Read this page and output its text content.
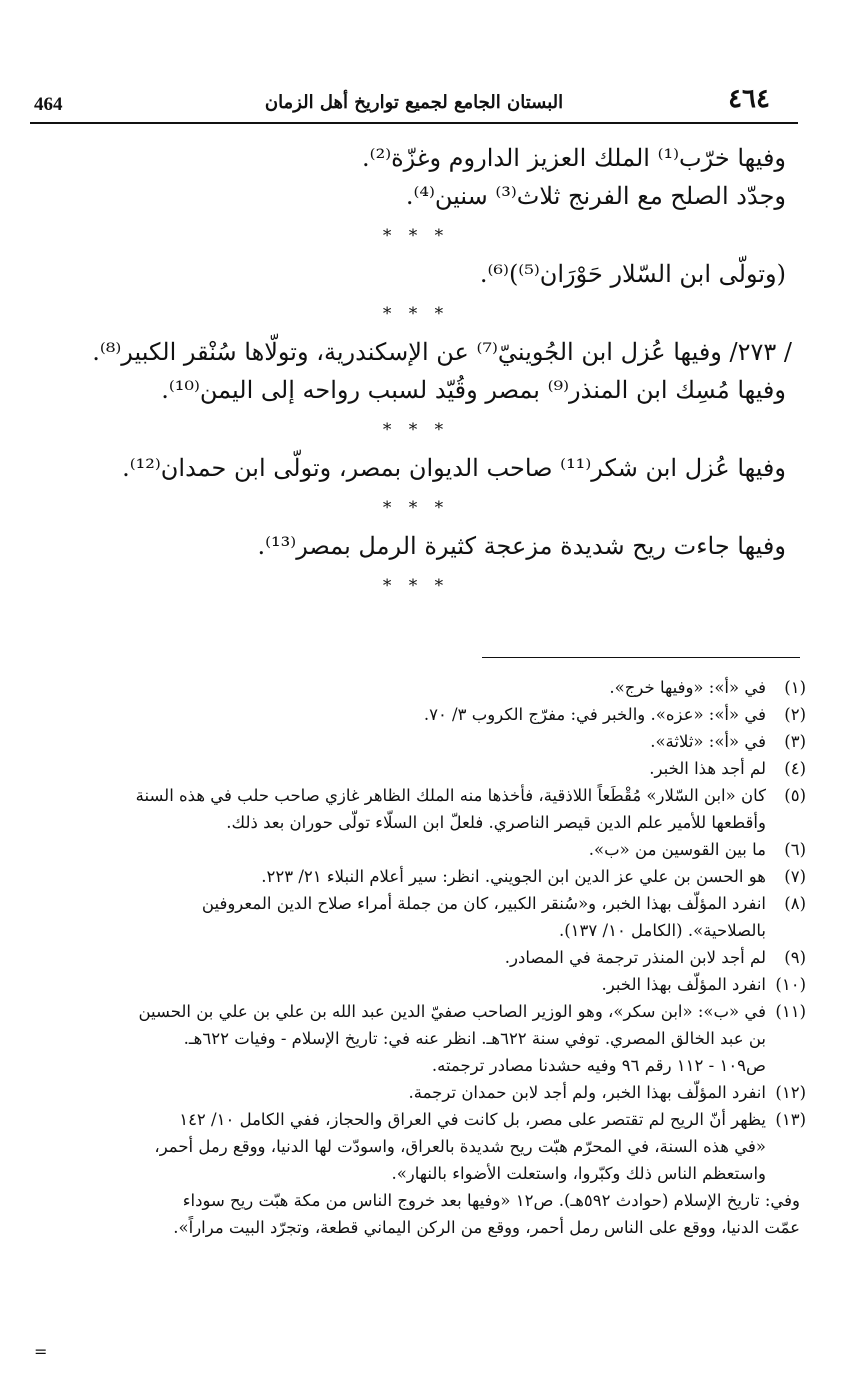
464	البستان الجامع لجميع تواريخ أهل الزمان	٤٦٤

وفيها خرّب⁽¹⁾ الملك العزيز الداروم وغزّة⁽²⁾.

وجدّد الصلح مع الفرنج ثلاث⁽³⁾ سنين⁽⁴⁾.

* * *

(وتولّى ابن السّلار حَوْرَان⁽⁵⁾)⁽⁶⁾.

* * *

/ ٢٧٣/ وفيها عُزل ابن الجُوينيّ⁽⁷⁾ عن الإسكندرية، وتولّاها سُنْقر الكبير⁽⁸⁾.

وفيها مُسِك ابن المنذر⁽⁹⁾ بمصر وقُيّد لسبب رواحه إلى اليمن⁽¹⁰⁾.

* * *

وفيها عُزل ابن شكر⁽¹¹⁾ صاحب الديوان بمصر، وتولّى ابن حمدان⁽¹²⁾.

* * *

وفيها جاءت ريح شديدة مزعجة كثيرة الرمل بمصر⁽¹³⁾.

* * *
(١)
في «أ»: «وفيها خرج».
(٢)
في «أ»: «عزه». والخبر في: مفرّج الكروب ٣/ ٧٠.
(٣)
في «أ»: «ثلاثة».
(٤)
لم أجد هذا الخبر.
(٥)
كان «ابن السّلار» مُقْطَعاً اللاذقية، فأخذها منه الملك الظاهر غازي صاحب حلب في هذه السنة
وأقطعها للأمير علم الدين قيصر الناصري. فلعلّ ابن السلّاء تولّى حوران بعد ذلك.
(٦)
ما بين القوسين من «ب».
(٧)
هو الحسن بن علي عز الدين ابن الجويني. انظر: سير أعلام النبلاء ٢١/ ٢٢٣.
(٨)
انفرد المؤلّف بهذا الخبر، و«سُنقر الكبير، كان من جملة أمراء صلاح الدين المعروفين
بالصلاحية». (الكامل ١٠/ ١٣٧).
(٩)
لم أجد لابن المنذر ترجمة في المصادر.
(١٠)
انفرد المؤلّف بهذا الخبر.
(١١)
في «ب»: «ابن سكر»، وهو الوزير الصاحب صفيّ الدين عبد الله بن علي بن علي بن الحسين
بن عبد الخالق المصري. توفي سنة ٦٢٢هـ. انظر عنه في: تاريخ الإسلام - وفيات ٦٢٢هـ.
ص١٠٩ - ١١٢ رقم ٩٦ وفيه حشدنا مصادر ترجمته.
(١٢)
انفرد المؤلّف بهذا الخبر، ولم أجد لابن حمدان ترجمة.
(١٣)
يظهر أنّ الريح لم تقتصر على مصر، بل كانت في العراق والحجاز، ففي الكامل ١٠/ ١٤٢
«في هذه السنة، في المحرّم هبّت ريح شديدة بالعراق، واسودّت لها الدنيا، ووقع رمل أحمر،
واستعظم الناس ذلك وكبّروا، واستعلت الأضواء بالنهار».
وفي: تاريخ الإسلام (حوادث ٥٩٢هـ). ص١٢ «وفيها بعد خروج الناس من مكة هبّت ريح سوداء
عمّت الدنيا، ووقع على الناس رمل أحمر، ووقع من الركن اليماني قطعة، وتجرّد البيت مراراً».
=
